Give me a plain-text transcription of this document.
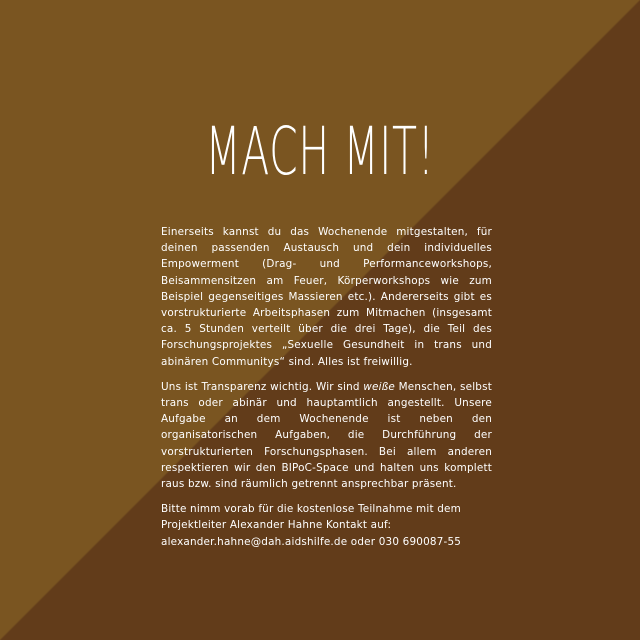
MACH MIT!

Einerseits kannst du das Wochenende mitgestalten, für deinen passenden Austausch und dein individuelles Empowerment (Drag- und Performanceworkshops, Beisammensitzen am Feuer, Körperworkshops wie zum Beispiel gegenseitiges Massieren etc.). Andererseits gibt es vorstrukturierte Arbeitsphasen zum Mitmachen (insgesamt ca. 5 Stunden verteilt über die drei Tage), die Teil des Forschungsprojektes „Sexuelle Gesundheit in trans und abinären Communitys“ sind. Alles ist freiwillig.

Uns ist Transparenz wichtig. Wir sind weiße Menschen, selbst trans oder abinär und hauptamtlich angestellt. Unsere Aufgabe an dem Wochenende ist neben den organisatorischen Aufgaben, die Durchführung der vorstrukturierten Forschungsphasen. Bei allem anderen respektieren wir den BIPoC-Space und halten uns komplett raus bzw. sind räumlich getrennt ansprechbar präsent.

Bitte nimm vorab für die kostenlose Teilnahme mit dem Projektleiter Alexander Hahne Kontakt auf:
alexander.hahne@dah.aidshilfe.de oder 030 690087-55
